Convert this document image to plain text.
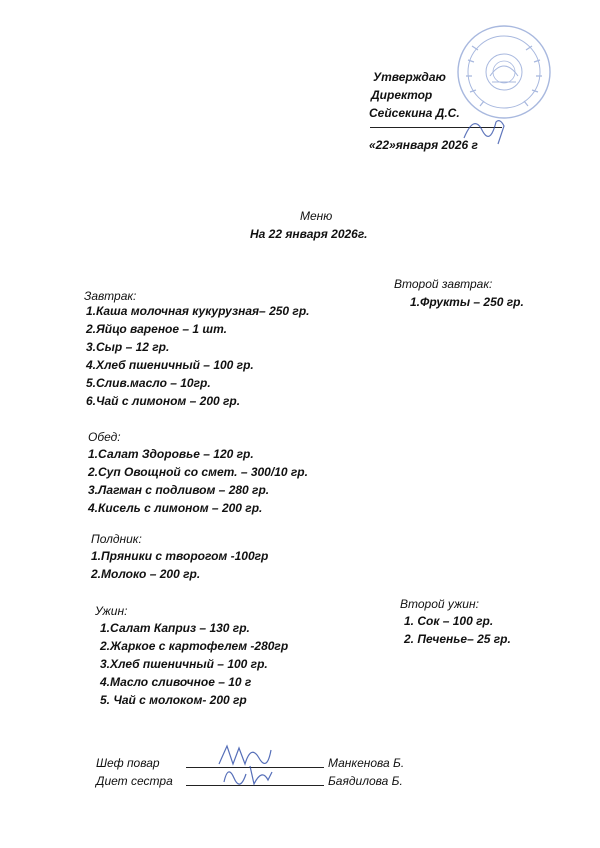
Утверждаю
Директор
Сейсекина Д.С.
«22»января 2026 г
Меню
На 22 января 2026г.
Завтрак:
1.Каша молочная кукурузная– 250 гр.
2.Яйцо вареное – 1 шт.
3.Сыр – 12 гр.
4.Хлеб пшеничный – 100 гр.
5.Слив.масло – 10гр.
6.Чай с лимоном – 200 гр.
Второй завтрак:
1.Фрукты – 250 гр.
Обед:
1.Салат Здоровье – 120 гр.
2.Суп Овощной со смет. – 300/10 гр.
3.Лагман с подливом – 280 гр.
4.Кисель с лимоном – 200 гр.
Полдник:
1.Пряники с творогом -100гр
2.Молоко – 200 гр.
Ужин:
1.Салат Каприз – 130 гр.
2.Жаркое с картофелем -280гр
3.Хлеб пшеничный – 100 гр.
4.Масло сливочное – 10 г
5. Чай с молоком- 200 гр
Второй ужин:
1. Сок – 100 гр.
2. Печенье– 25 гр.
Шеф повар	Манкенова Б.
Диет сестра	Баядилова Б.
